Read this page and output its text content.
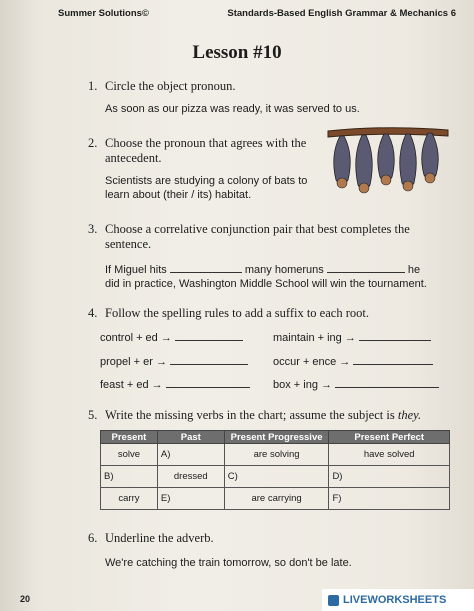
Summer Solutions©	Standards-Based English Grammar & Mechanics 6
Lesson #10
1. Circle the object pronoun.
As soon as our pizza was ready, it was served to us.
2. Choose the pronoun that agrees with the
antecedent.
Scientists are studying a colony of bats to
learn about (their / its) habitat.
3. Choose a correlative conjunction pair that best completes the
sentence.
If Miguel hits	many homeruns	he
did in practice, Washington Middle School will win the tournament.
4. Follow the spelling rules to add a suffix to each root.
control + ed →	maintain + ing →
propel + er →	occur + ence →
feast + ed →	box + ing →
5. Write the missing verbs in the chart; assume the subject is they.
Present	Past	Present Progressive	Present Perfect
solve	A)	are solving	have solved
B)	dressed	C)	D)
carry	E)	are carrying	F)
6. Underline the adverb.
We're catching the train tomorrow, so don't be late.
20	LIVEWORKSHEETS
